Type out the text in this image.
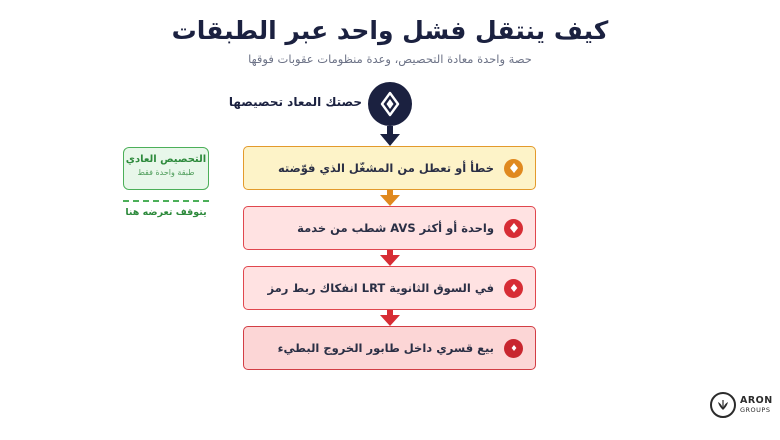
كيف ينتقل فشل واحد عبر الطبقات

حصة واحدة معادة التحصيص، وعدة منظومات عقوبات فوقها

حصتك المعاد تحصيصها
خطأ أو تعطل من المشغّل الذي فوّضته
واحدة أو أكثر AVS شطب من خدمة
في السوق الثانوية LRT انفكاك ربط رمز
بيع قسري داخل طابور الخروج البطيء
التحصيص العادي
طبقة واحدة فقط
يتوقف تعرضه هنا
ARON
GROUPS
